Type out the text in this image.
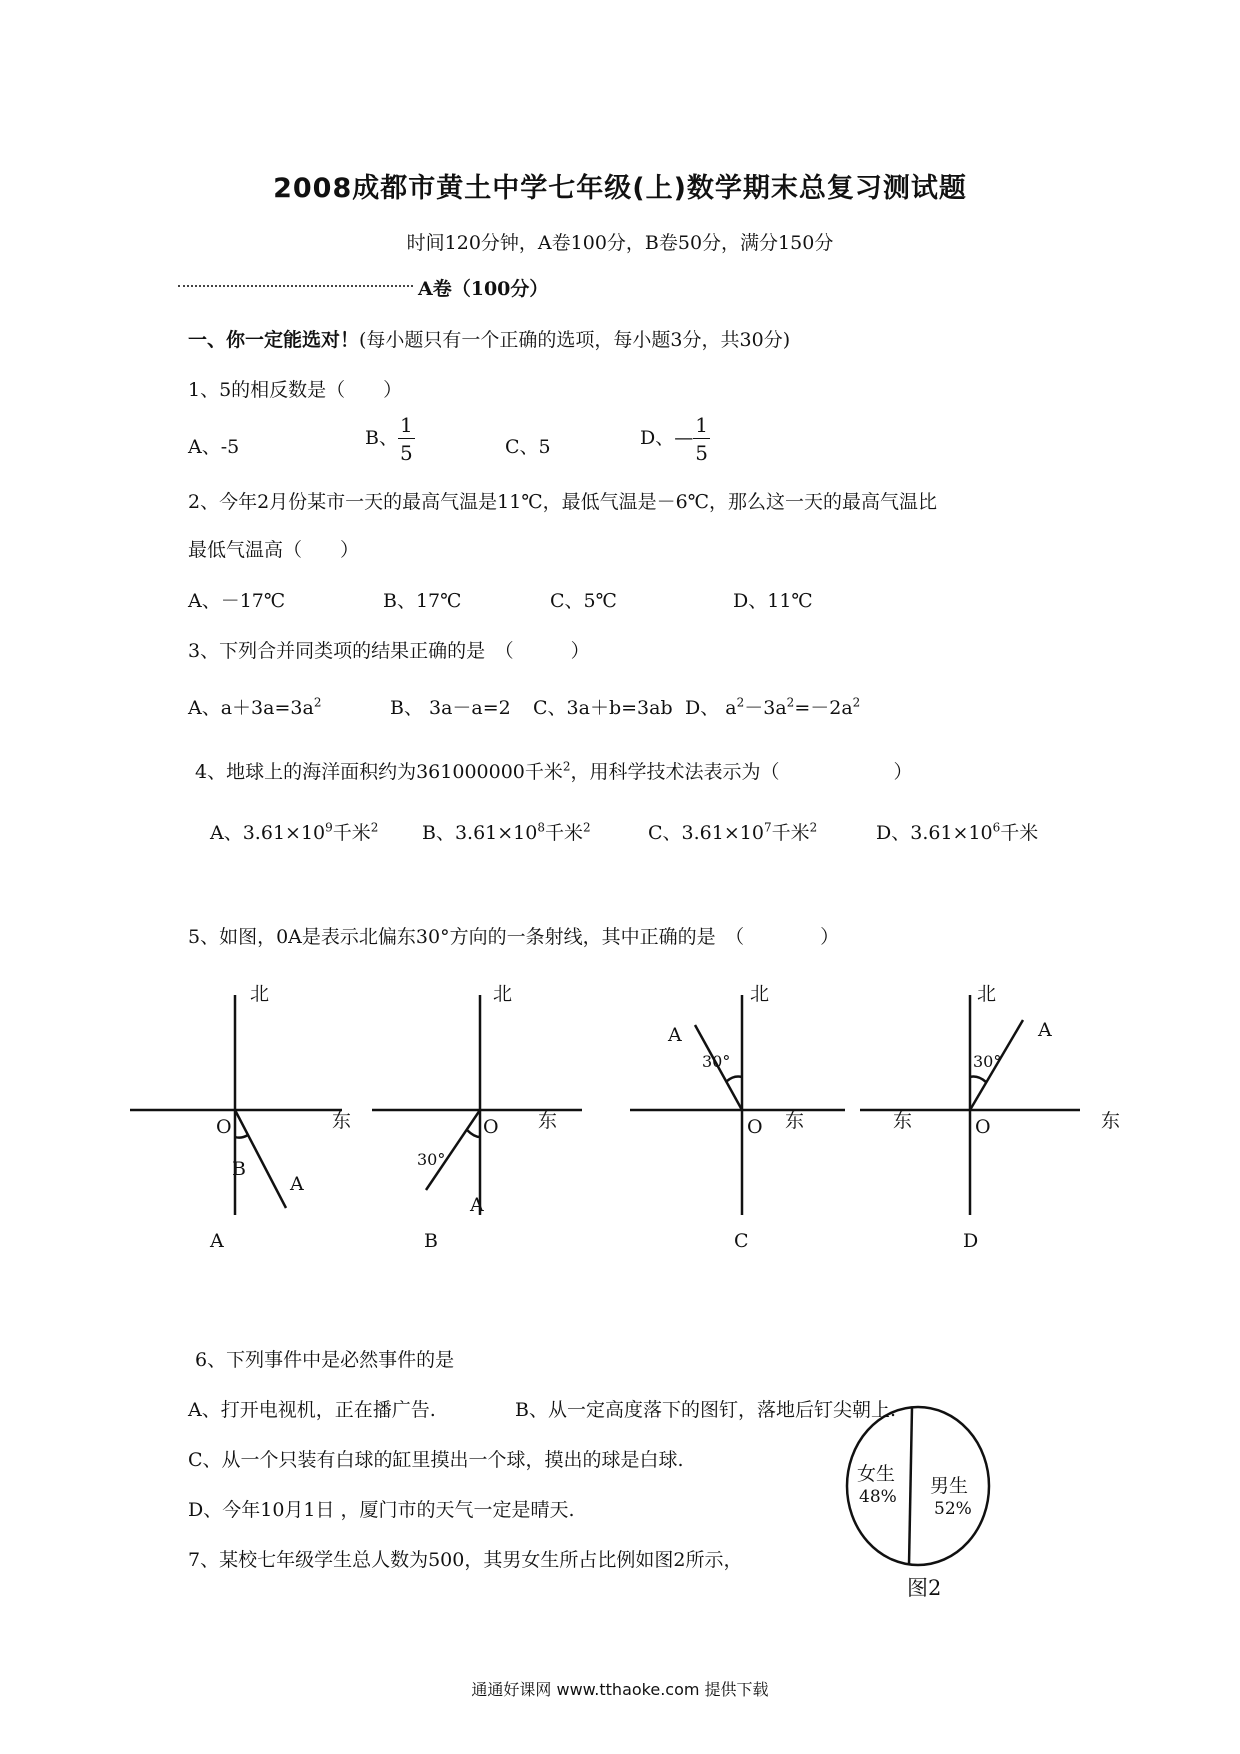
2008成都市黄土中学七年级(上)数学期末总复习测试题
时间120分钟，A卷100分，B卷50分，满分150分
A卷（100分）
一、你一定能选对！(每小题只有一个正确的选项，每小题3分，共30分)
1、5的相反数是（　　）
A、-5	B、 $\frac{1}{5}$	C、5	D、— $\frac{1}{5}$
2、今年2月份某市一天的最高气温是11℃，最低气温是－6℃，那么这一天的最高气温比
最低气温高（　　）
A、－17℃	B、17℃	C、5℃	D、11℃
3、下列合并同类项的结果正确的是　（　　　）
A、$a+3a=3a^2$	B、 3a－a=2 C、3a＋b=3ab D、 $a^2-3a^2=-2a^2$
4、地球上的海洋面积约为361000000千米$^2$，用科学技术法表示为（　　　　　　）
A、$3.61\times 10^9$千米$^2$ B、$3.61\times 10^8$千米$^2$	C、$3.61\times 10^7$千米$^2$	D、$3.61\times 10^6$千米
5、如图，0A是表示北偏东30°方向的一条射线，其中正确的是　（　　　　）
北
东
O
B
A
A
北
东
O
30°
A
B
北
东
O
30°
A
C
北
东
东	O
30°
A
D
6、下列事件中是必然事件的是
A、打开电视机，正在播广告.	B、从一定高度落下的图钉，落地后钉尖朝上.
C、从一个只装有白球的缸里摸出一个球，摸出的球是白球.
D、今年10月1日 ，厦门市的天气一定是晴天.
7、某校七年级学生总人数为500，其男女生所占比例如图2所示，
女生
48% 男生
52%
图2
通通好课网 www.tthaoke.com 提供下载
